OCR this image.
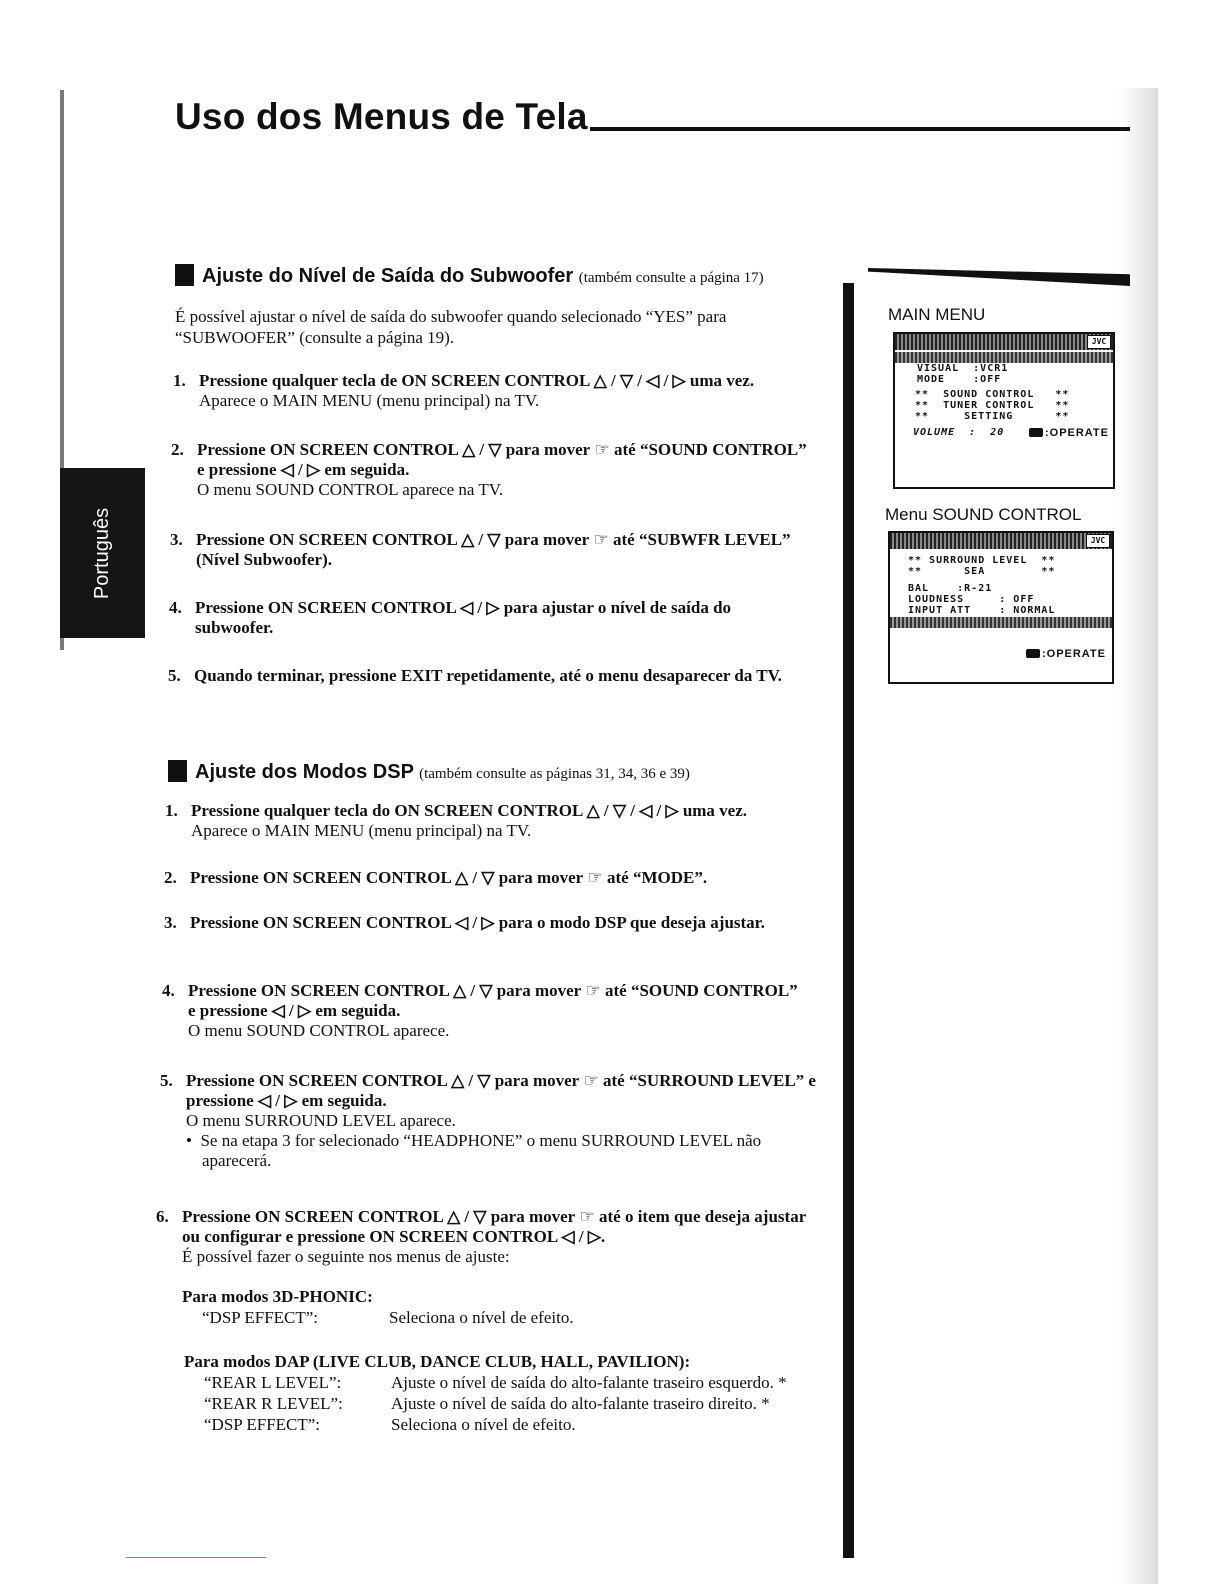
Uso dos Menus de Tela
Português
Ajuste do Nível de Saída do Subwoofer (também consulte a página 17)

É possível ajustar o nível de saída do subwoofer quando selecionado “YES” para “SUBWOOFER” (consulte a página 19).

1. Pressione qualquer tecla de ON SCREEN CONTROL △ / ▽ / ◁ / ▷ uma vez.
Aparece o MAIN MENU (menu principal) na TV.
2. Pressione ON SCREEN CONTROL △ / ▽ para mover ☞ até “SOUND CONTROL” e pressione ◁ / ▷ em seguida.
O menu SOUND CONTROL aparece na TV.
3. Pressione ON SCREEN CONTROL △ / ▽ para mover ☞ até “SUBWFR LEVEL” (Nível Subwoofer).
4. Pressione ON SCREEN CONTROL ◁ / ▷ para ajustar o nível de saída do subwoofer.
5. Quando terminar, pressione EXIT repetidamente, até o menu desaparecer da TV.
Ajuste dos Modos DSP (também consulte as páginas 31, 34, 36 e 39)
1. Pressione qualquer tecla do ON SCREEN CONTROL △ / ▽ / ◁ / ▷ uma vez.
Aparece o MAIN MENU (menu principal) na TV.
2. Pressione ON SCREEN CONTROL △ / ▽ para mover ☞ até “MODE”.
3. Pressione ON SCREEN CONTROL ◁ / ▷ para o modo DSP que deseja ajustar.
4. Pressione ON SCREEN CONTROL △ / ▽ para mover ☞ até “SOUND CONTROL” e pressione ◁ / ▷ em seguida.
O menu SOUND CONTROL aparece.
5. Pressione ON SCREEN CONTROL △ / ▽ para mover ☞ até “SURROUND LEVEL” e pressione ◁ / ▷ em seguida.
O menu SURROUND LEVEL aparece.
•  Se na etapa 3 for selecionado “HEADPHONE” o menu SURROUND LEVEL não aparecerá.
6. Pressione ON SCREEN CONTROL △ / ▽ para mover ☞ até o item que deseja ajustar ou configurar e pressione ON SCREEN CONTROL ◁ / ▷.
É possível fazer o seguinte nos menus de ajuste:
Para modos 3D-PHONIC:

“DSP EFFECT”:	Seleciona o nível de efeito.
Para modos DAP (LIVE CLUB, DANCE CLUB, HALL, PAVILION):

“REAR L LEVEL”:	Ajuste o nível de saída do alto-falante traseiro esquerdo. *
“REAR R LEVEL”:	Ajuste o nível de saída do alto-falante traseiro direito. *
“DSP EFFECT”:	Seleciona o nível de efeito.
MAIN MENU
JVC
VISUAL  :VCR1
MODE    :OFF
**  SOUND CONTROL   **
**  TUNER CONTROL   **
**     SETTING      **
VOLUME  :  20	:OPERATE
Menu SOUND CONTROL
JVC
** SURROUND LEVEL  **
**      SEA        **
BAL    :R-21
LOUDNESS     : OFF
INPUT ATT    : NORMAL
:OPERATE
